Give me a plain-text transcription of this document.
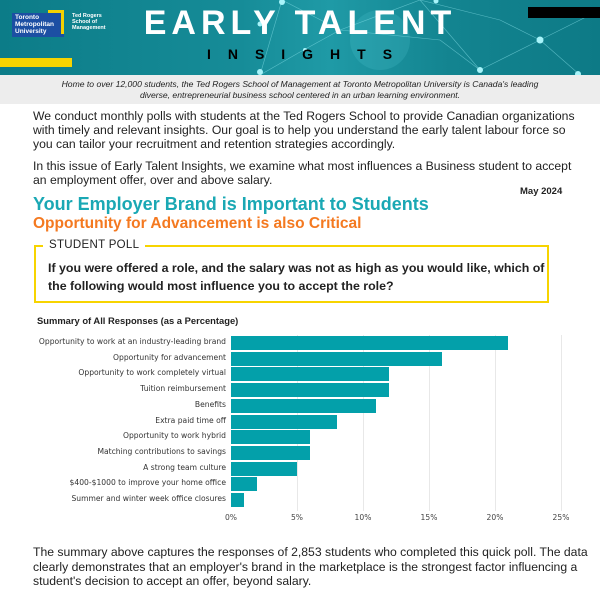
Toronto
Metropolitan
University
Ted Rogers
School of
Management	EARLY TALENT
INSIGHTS
Home to over 12,000 students, the Ted Rogers School of Management at Toronto Metropolitan University is Canada's leading
diverse, entrepreneurial business school centered in an urban learning environment.

We conduct monthly polls with students at the Ted Rogers School to provide Canadian organizations with timely and relevant insights. Our goal is to help you understand the early talent labour force so you can tailor your recruitment and retention strategies accordingly.

In this issue of Early Talent Insights, we examine what most influences a Business student to accept an employment offer, over and above salary.

May 2024
Your Employer Brand is Important to Students
Opportunity for Advancement is also Critical
STUDENT POLL
If you were offered a role, and the salary was not as high as you would like, which of the following would most influence you to accept the role?
Summary of All Responses (as a Percentage)
Opportunity to work at an industry-leading brand
Opportunity for advancement
Opportunity to work completely virtual
Tuition reimbursement
Benefits
Extra paid time off
Opportunity to work hybrid
Matching contributions to savings
A strong team culture
$400-$1000 to improve your home office
Summer and winter week office closures
0%	5%	10%	15%	20%	25%

The summary above captures the responses of 2,853 students who completed this quick poll. The data clearly demonstrates that an employer's brand in the marketplace is the strongest factor influencing a student's decision to accept an offer, beyond salary.
